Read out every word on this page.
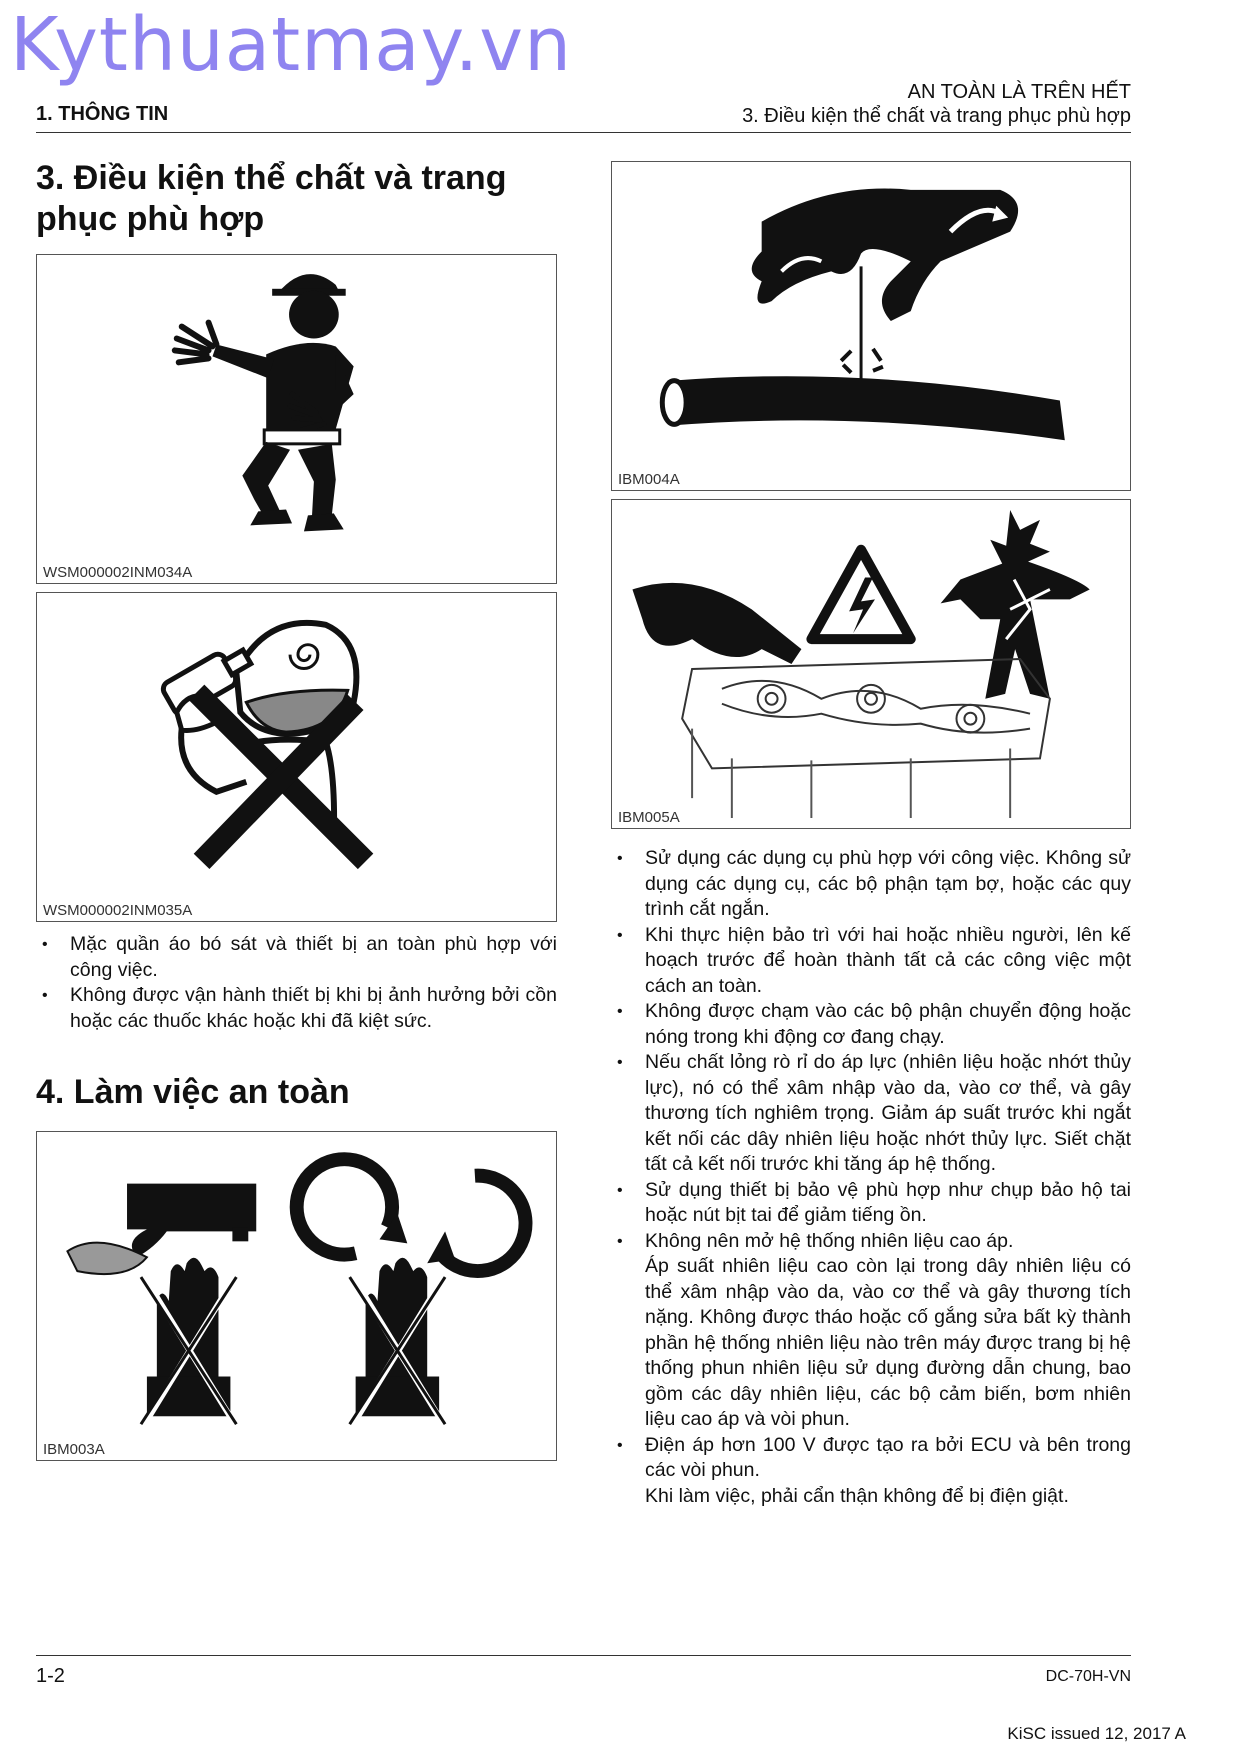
Kythuatmay.vn
1. THÔNG TIN
AN TOÀN LÀ TRÊN HẾT
3. Điều kiện thể chất và trang phục phù hợp
3. Điều kiện thể chất và trang phục phù hợp
WSM000002INM034A
WSM000002INM035A
• Mặc quần áo bó sát và thiết bị an toàn phù hợp với công việc.
• Không được vận hành thiết bị khi bị ảnh hưởng bởi cồn hoặc các thuốc khác hoặc khi đã kiệt sức.
4. Làm việc an toàn
IBM003A
IBM004A
IBM005A
• Sử dụng các dụng cụ phù hợp với công việc. Không sử dụng các dụng cụ, các bộ phận tạm bợ, hoặc các quy trình cắt ngắn.
• Khi thực hiện bảo trì với hai hoặc nhiều người, lên kế hoạch trước để hoàn thành tất cả các công việc một cách an toàn.
• Không được chạm vào các bộ phận chuyển động hoặc nóng trong khi động cơ đang chạy.
• Nếu chất lỏng rò rỉ do áp lực (nhiên liệu hoặc nhớt thủy lực), nó có thể xâm nhập vào da, vào cơ thể, và gây thương tích nghiêm trọng. Giảm áp suất trước khi ngắt kết nối các dây nhiên liệu hoặc nhớt thủy lực. Siết chặt tất cả kết nối trước khi tăng áp hệ thống.
• Sử dụng thiết bị bảo vệ phù hợp như chụp bảo hộ tai hoặc nút bịt tai để giảm tiếng ồn.
• Không nên mở hệ thống nhiên liệu cao áp.
Áp suất nhiên liệu cao còn lại trong dây nhiên liệu có thể xâm nhập vào da, vào cơ thể và gây thương tích nặng. Không được tháo hoặc cố gắng sửa bất kỳ thành phần hệ thống nhiên liệu nào trên máy được trang bị hệ thống phun nhiên liệu sử dụng đường dẫn chung, bao gồm các dây nhiên liệu, các bộ cảm biến, bơm nhiên liệu cao áp và vòi phun.
• Điện áp hơn 100 V được tạo ra bởi ECU và bên trong các vòi phun.
Khi làm việc, phải cẩn thận không để bị điện giật.
1-2	DC-70H-VN
KiSC issued 12, 2017 A
